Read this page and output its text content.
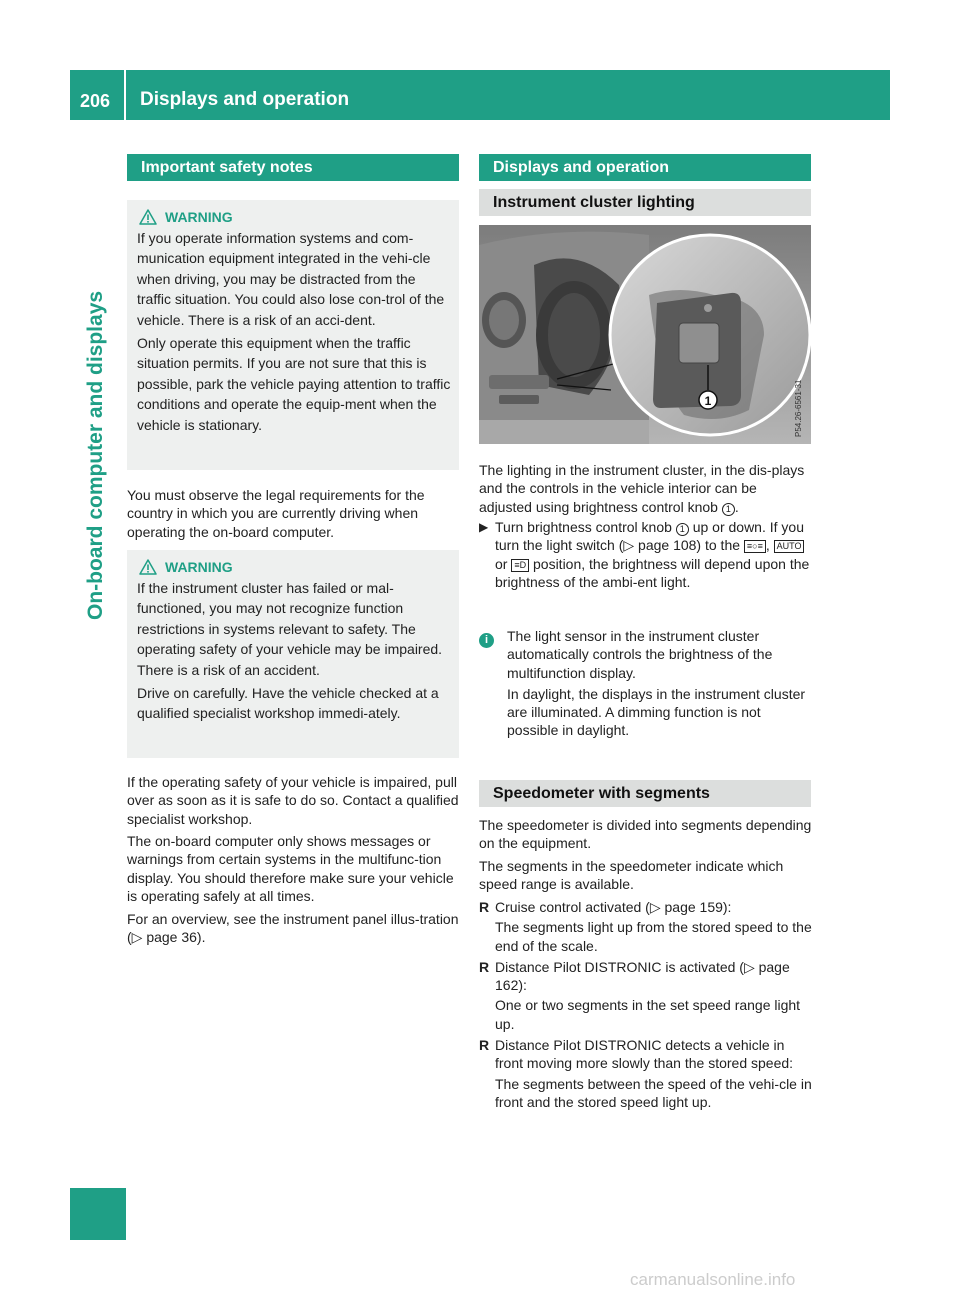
206	Displays and operation
On-board computer and displays
Important safety notes
WARNING

If you operate information systems and com-munication equipment integrated in the vehi-cle when driving, you may be distracted from the traffic situation. You could also lose con-trol of the vehicle. There is a risk of an acci-dent.

Only operate this equipment when the traffic situation permits. If you are not sure that this is possible, park the vehicle paying attention to traffic conditions and operate the equip-ment when the vehicle is stationary.

You must observe the legal requirements for the country in which you are currently driving when operating the on-board computer.
WARNING

If the instrument cluster has failed or mal-functioned, you may not recognize function restrictions in systems relevant to safety. The operating safety of your vehicle may be impaired. There is a risk of an accident.

Drive on carefully. Have the vehicle checked at a qualified specialist workshop immedi-ately.

If the operating safety of your vehicle is impaired, pull over as soon as it is safe to do so. Contact a qualified specialist workshop.
The on-board computer only shows messages or warnings from certain systems in the multifunc-tion display. You should therefore make sure your vehicle is operating safely at all times.
For an overview, see the instrument panel illus-tration (▷ page 36).
Displays and operation
Instrument cluster lighting
1	P54.26-6561-31
The lighting in the instrument cluster, in the dis-plays and the controls in the vehicle interior can be adjusted using brightness control knob 1 .
▶ Turn brightness control knob 1 up or down. If you turn the light switch (▷ page 108) to the ≡○≡ , AUTO or ≡D position, the brightness will depend upon the brightness of the ambi-ent light.
i	The light sensor in the instrument cluster automatically controls the brightness of the multifunction display.

In daylight, the displays in the instrument cluster are illuminated. A dimming function is not possible in daylight.

Speedometer with segments
The speedometer is divided into segments depending on the equipment.
The segments in the speedometer indicate which speed range is available.
R Cruise control activated (▷ page 159):

The segments light up from the stored speed to the end of the scale.

R Distance Pilot DISTRONIC is activated (▷ page 162):

One or two segments in the set speed range light up.

R Distance Pilot DISTRONIC detects a vehicle in front moving more slowly than the stored speed:

The segments between the speed of the vehi-cle in front and the stored speed light up.

carmanualsonline.info
